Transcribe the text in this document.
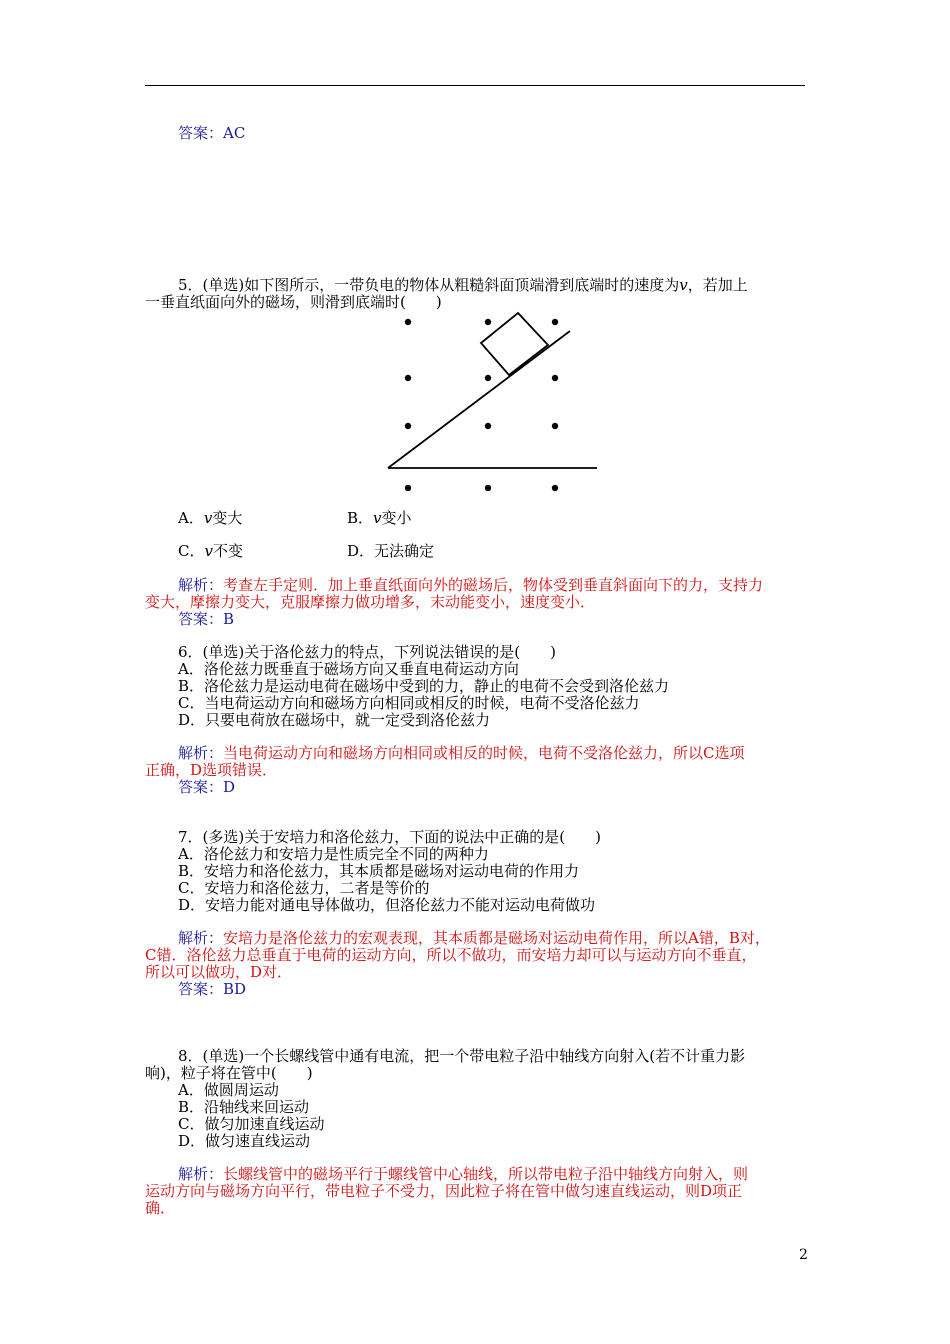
答案：AC
5．(单选)如下图所示，一带负电的物体从粗糙斜面顶端滑到底端时的速度为v，若加上
一垂直纸面向外的磁场，则滑到底端时(　　)
A．v变大	B．v变小
C．v不变	D．无法确定
解析：考查左手定则．加上垂直纸面向外的磁场后，物体受到垂直斜面向下的力，支持力
变大，摩擦力变大，克服摩擦力做功增多，末动能变小，速度变小．
答案：B
6．(单选)关于洛伦兹力的特点，下列说法错误的是(　　)
A．洛伦兹力既垂直于磁场方向又垂直电荷运动方向
B．洛伦兹力是运动电荷在磁场中受到的力，静止的电荷不会受到洛伦兹力
C．当电荷运动方向和磁场方向相同或相反的时候，电荷不受洛伦兹力
D．只要电荷放在磁场中，就一定受到洛伦兹力
解析：当电荷运动方向和磁场方向相同或相反的时候，电荷不受洛伦兹力，所以C选项
正确，D选项错误．
答案：D
7．(多选)关于安培力和洛伦兹力，下面的说法中正确的是(　　)
A．洛伦兹力和安培力是性质完全不同的两种力
B．安培力和洛伦兹力，其本质都是磁场对运动电荷的作用力
C．安培力和洛伦兹力，二者是等价的
D．安培力能对通电导体做功，但洛伦兹力不能对运动电荷做功
解析：安培力是洛伦兹力的宏观表现，其本质都是磁场对运动电荷作用，所以A错，B对，
C错．洛伦兹力总垂直于电荷的运动方向，所以不做功，而安培力却可以与运动方向不垂直，
所以可以做功，D对．
答案：BD
8．(单选)一个长螺线管中通有电流，把一个带电粒子沿中轴线方向射入(若不计重力影
响)，粒子将在管中(　　)
A．做圆周运动
B．沿轴线来回运动
C．做匀加速直线运动
D．做匀速直线运动
解析：长螺线管中的磁场平行于螺线管中心轴线，所以带电粒子沿中轴线方向射入，则
运动方向与磁场方向平行，带电粒子不受力，因此粒子将在管中做匀速直线运动，则D项正
确．
2
